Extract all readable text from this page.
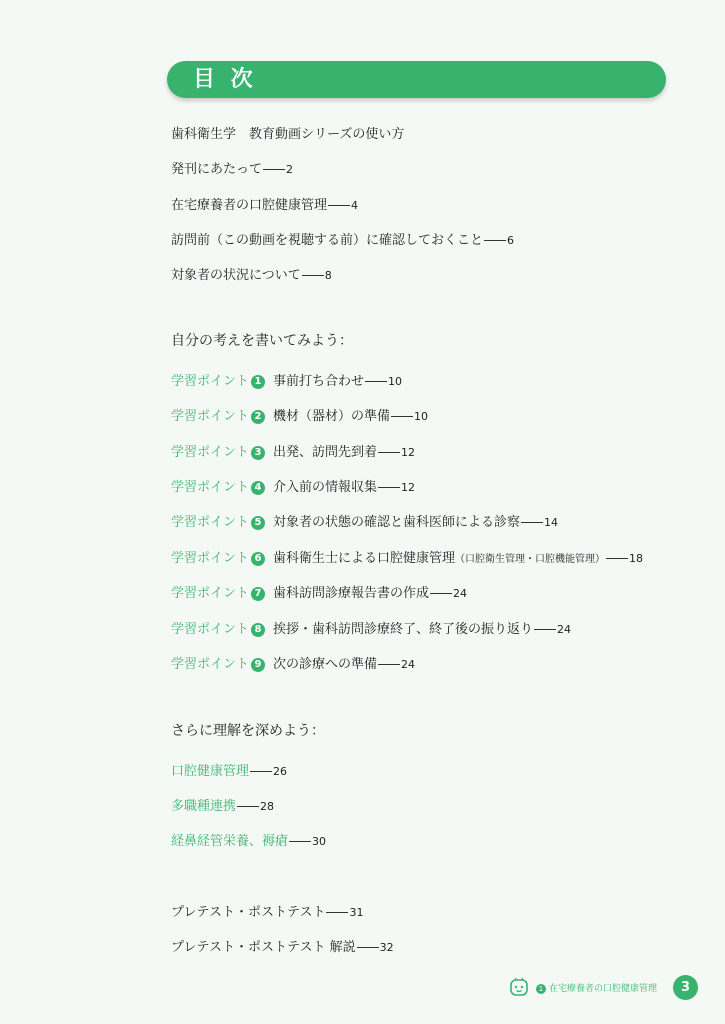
目 次
歯科衛生学　教育動画シリーズの使い方
発刊にあたって 2
在宅療養者の口腔健康管理 4
訪問前（この動画を視聴する前）に確認しておくこと 6
対象者の状況について 8
自分の考えを書いてみよう：
学習ポイント 1 事前打ち合わせ 10
学習ポイント 2 機材（器材）の準備 10
学習ポイント 3 出発、訪問先到着 12
学習ポイント 4 介入前の情報収集 12
学習ポイント 5 対象者の状態の確認と歯科医師による診察 14
学習ポイント 6 歯科衛生士による口腔健康管理（口腔衛生管理・口腔機能管理） 18
学習ポイント 7 歯科訪問診療報告書の作成 24
学習ポイント 8 挨拶・歯科訪問診療終了、終了後の振り返り 24
学習ポイント 9 次の診療への準備 24
さらに理解を深めよう：
口腔健康管理 26
多職種連携 28
経鼻経管栄養、褥瘡 30
プレテスト・ポストテスト 31
プレテスト・ポストテスト 解説 32
1 在宅療養者の口腔健康管理	3
